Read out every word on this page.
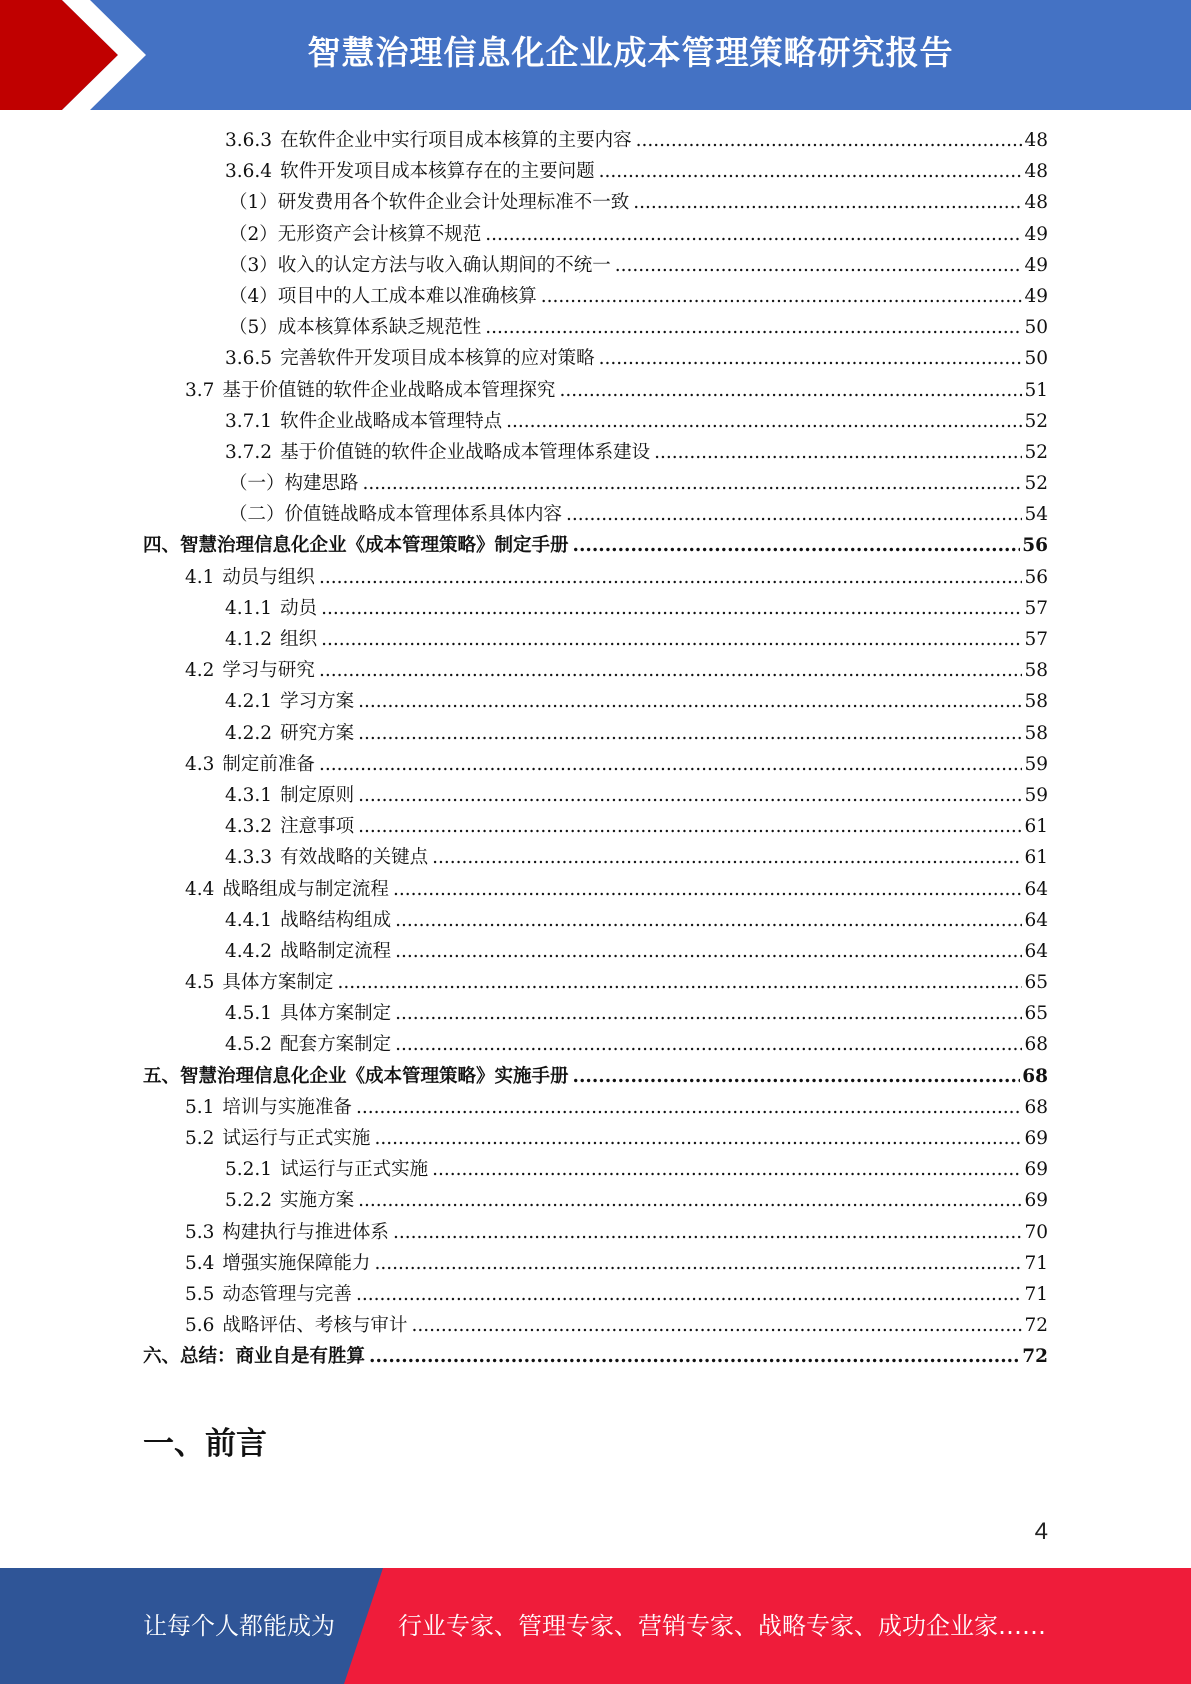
智慧治理信息化企业成本管理策略研究报告
3.6.3 在软件企业中实行项目成本核算的主要内容 .....	48
3.6.4 软件开发项目成本核算存在的主要问题 .....	48
（1）研发费用各个软件企业会计处理标准不一致 .....	48
（2）无形资产会计核算不规范 .....	49
（3）收入的认定方法与收入确认期间的不统一 .....	49
（4）项目中的人工成本难以准确核算 .....	49
（5）成本核算体系缺乏规范性 .....	50
3.6.5 完善软件开发项目成本核算的应对策略 .....	50
3.7 基于价值链的软件企业战略成本管理探究 .....	51
3.7.1 软件企业战略成本管理特点 .....	52
3.7.2 基于价值链的软件企业战略成本管理体系建设 .....	52
（一）构建思路 .....	52
（二）价值链战略成本管理体系具体内容 .....	54
四、智慧治理信息化企业《成本管理策略》制定手册 .....	56
4.1 动员与组织 .....	56
4.1.1 动员 .....	57
4.1.2 组织 .....	57
4.2 学习与研究 .....	58
4.2.1 学习方案 .....	58
4.2.2 研究方案 .....	58
4.3 制定前准备 .....	59
4.3.1 制定原则 .....	59
4.3.2 注意事项 .....	61
4.3.3 有效战略的关键点 .....	61
4.4 战略组成与制定流程 .....	64
4.4.1 战略结构组成 .....	64
4.4.2 战略制定流程 .....	64
4.5 具体方案制定 .....	65
4.5.1 具体方案制定 .....	65
4.5.2 配套方案制定 .....	68
五、智慧治理信息化企业《成本管理策略》实施手册 .....	68
5.1 培训与实施准备 .....	68
5.2 试运行与正式实施 .....	69
5.2.1 试运行与正式实施 .....	69
5.2.2 实施方案 .....	69
5.3 构建执行与推进体系 .....	70
5.4 增强实施保障能力 .....	71
5.5 动态管理与完善 .....	71
5.6 战略评估、考核与审计 .....	72
六、总结：商业自是有胜算 .....	72
一、前言
4
让每个人都能成为	行业专家、管理专家、营销专家、战略专家、成功企业家……
